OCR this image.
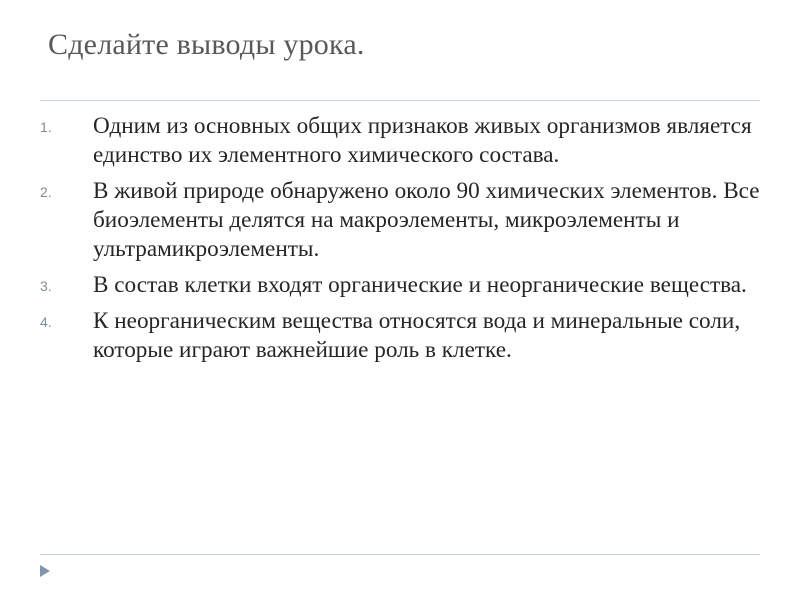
Сделайте выводы урока.
1. Одним из основных общих признаков живых организмов является единство их элементного химического состава.
2. В живой природе обнаружено около 90 химических элементов. Все биоэлементы делятся на макроэлементы, микроэлементы и ультрамикроэлементы.
3. В состав клетки входят органические и неорганические вещества.
4. К неорганическим вещества относятся вода и минеральные соли, которые играют важнейшие роль в клетке.
